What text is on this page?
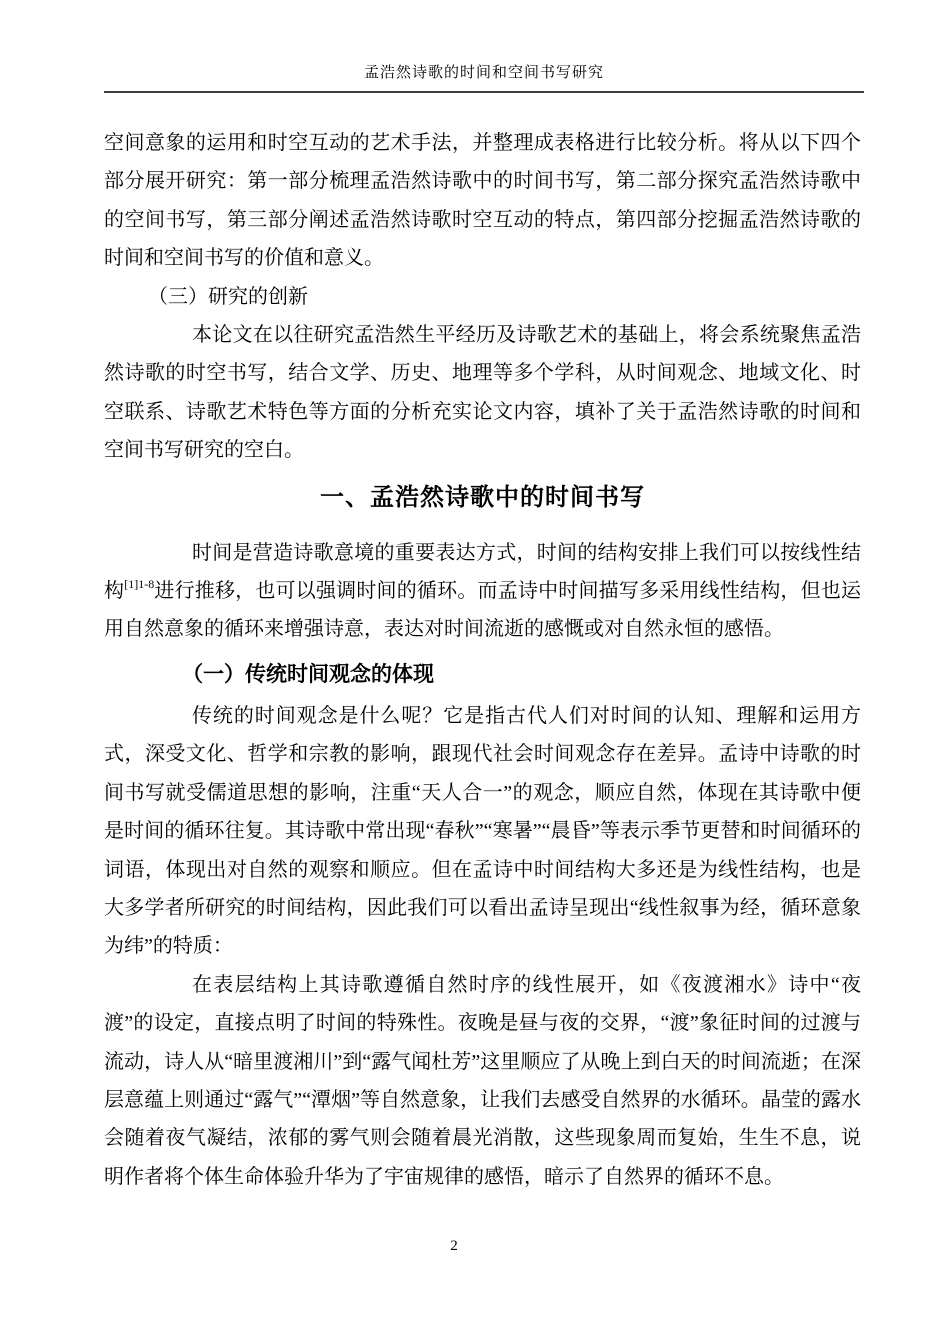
孟浩然诗歌的时间和空间书写研究

空间意象的运用和时空互动的艺术手法，并整理成表格进行比较分析。将从以下四个部分展开研究：第一部分梳理孟浩然诗歌中的时间书写，第二部分探究孟浩然诗歌中的空间书写，第三部分阐述孟浩然诗歌时空互动的特点，第四部分挖掘孟浩然诗歌的时间和空间书写的价值和意义。

（三）研究的创新

本论文在以往研究孟浩然生平经历及诗歌艺术的基础上，将会系统聚焦孟浩然诗歌的时空书写，结合文学、历史、地理等多个学科，从时间观念、地域文化、时空联系、诗歌艺术特色等方面的分析充实论文内容，填补了关于孟浩然诗歌的时间和空间书写研究的空白。

一、孟浩然诗歌中的时间书写

时间是营造诗歌意境的重要表达方式，时间的结构安排上我们可以按线性结构$^{[1]1-8}$进行推移，也可以强调时间的循环。而孟诗中时间描写多采用线性结构，但也运用自然意象的循环来增强诗意，表达对时间流逝的感慨或对自然永恒的感悟。

（一）传统时间观念的体现

传统的时间观念是什么呢？它是指古代人们对时间的认知、理解和运用方式，深受文化、哲学和宗教的影响，跟现代社会时间观念存在差异。孟诗中诗歌的时间书写就受儒道思想的影响，注重“天人合一”的观念，顺应自然，体现在其诗歌中便是时间的循环往复。其诗歌中常出现“春秋”“寒暑”“晨昏”等表示季节更替和时间循环的词语，体现出对自然的观察和顺应。但在孟诗中时间结构大多还是为线性结构，也是大多学者所研究的时间结构，因此我们可以看出孟诗呈现出“线性叙事为经，循环意象为纬”的特质：

在表层结构上其诗歌遵循自然时序的线性展开，如《夜渡湘水》诗中“夜渡”的设定，直接点明了时间的特殊性。夜晚是昼与夜的交界，“渡”象征时间的过渡与流动，诗人从“暗里渡湘川”到“露气闻杜芳”这里顺应了从晚上到白天的时间流逝；在深层意蕴上则通过“露气”“潭烟”等自然意象，让我们去感受自然界的水循环。晶莹的露水会随着夜气凝结，浓郁的雾气则会随着晨光消散，这些现象周而复始，生生不息，说明作者将个体生命体验升华为了宇宙规律的感悟，暗示了自然界的循环不息。

2
